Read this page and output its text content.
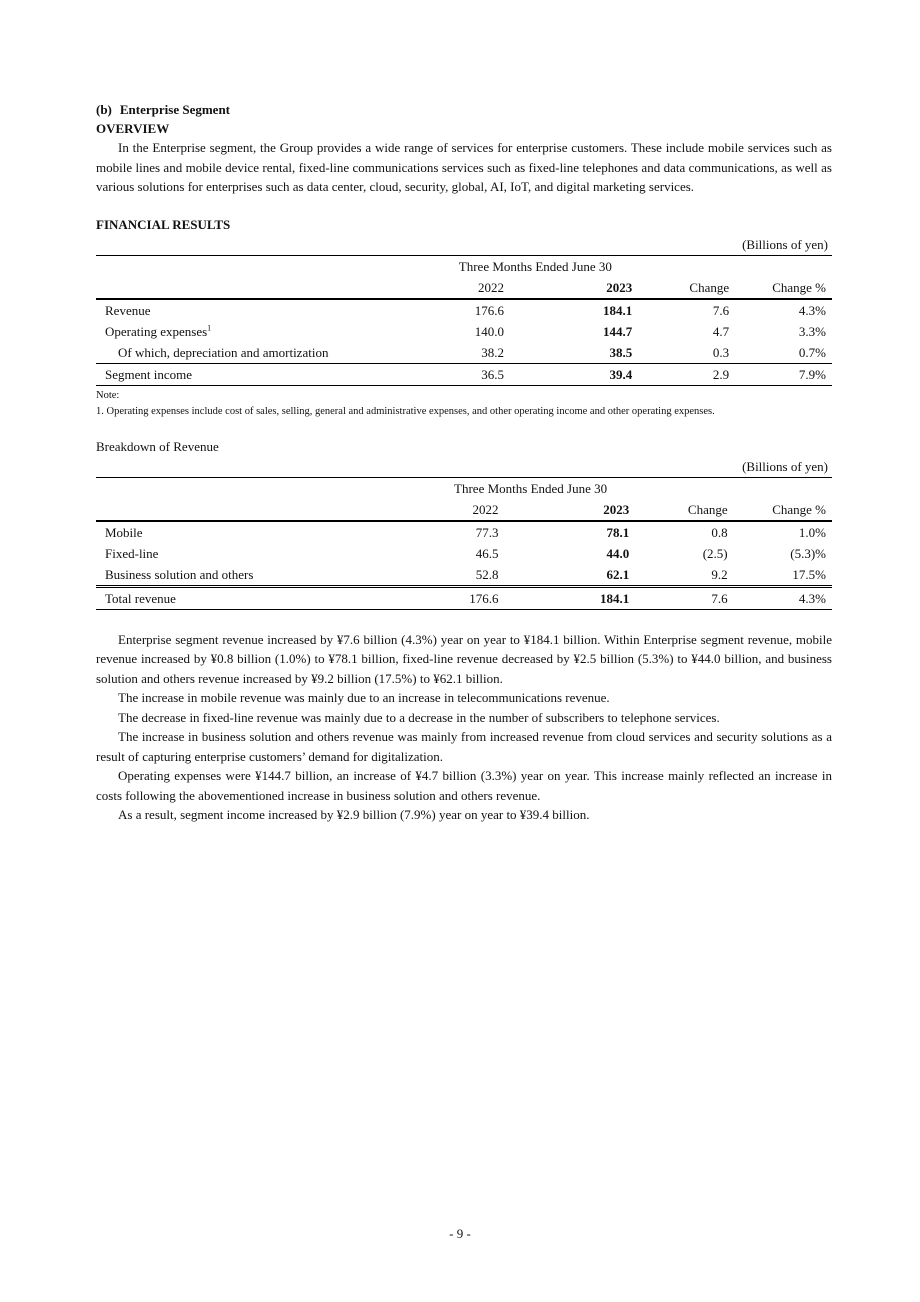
(b) Enterprise Segment
OVERVIEW

In the Enterprise segment, the Group provides a wide range of services for enterprise customers. These include mobile services such as mobile lines and mobile device rental, fixed-line communications services such as fixed-line telephones and data communications, as well as various solutions for enterprises such as data center, cloud, security, global, AI, IoT, and digital marketing services.

FINANCIAL RESULTS
(Billions of yen)
	Three Months Ended June 30			
	2022	2023	Change	Change %
Revenue	176.6	184.1	7.6	4.3%
Operating expenses$^1$	140.0	144.7	4.7	3.3%
Of which, depreciation and amortization	38.2	38.5	0.3	0.7%
Segment income	36.5	39.4	2.9	7.9%
Note:
1. Operating expenses include cost of sales, selling, general and administrative expenses, and other operating income and other operating expenses.
Breakdown of Revenue
(Billions of yen)
	Three Months Ended June 30			
	2022	2023	Change	Change %
Mobile	77.3	78.1	0.8	1.0%
Fixed-line	46.5	44.0	(2.5)	(5.3)%
Business solution and others	52.8	62.1	9.2	17.5%
Total revenue	176.6	184.1	7.6	4.3%

Enterprise segment revenue increased by ¥7.6 billion (4.3%) year on year to ¥184.1 billion. Within Enterprise segment revenue, mobile revenue increased by ¥0.8 billion (1.0%) to ¥78.1 billion, fixed-line revenue decreased by ¥2.5 billion (5.3%) to ¥44.0 billion, and business solution and others revenue increased by ¥9.2 billion (17.5%) to ¥62.1 billion.

The increase in mobile revenue was mainly due to an increase in telecommunications revenue.

The decrease in fixed-line revenue was mainly due to a decrease in the number of subscribers to telephone services.

The increase in business solution and others revenue was mainly from increased revenue from cloud services and security solutions as a result of capturing enterprise customers’ demand for digitalization.

Operating expenses were ¥144.7 billion, an increase of ¥4.7 billion (3.3%) year on year. This increase mainly reflected an increase in costs following the abovementioned increase in business solution and others revenue.

As a result, segment income increased by ¥2.9 billion (7.9%) year on year to ¥39.4 billion.

- 9 -
